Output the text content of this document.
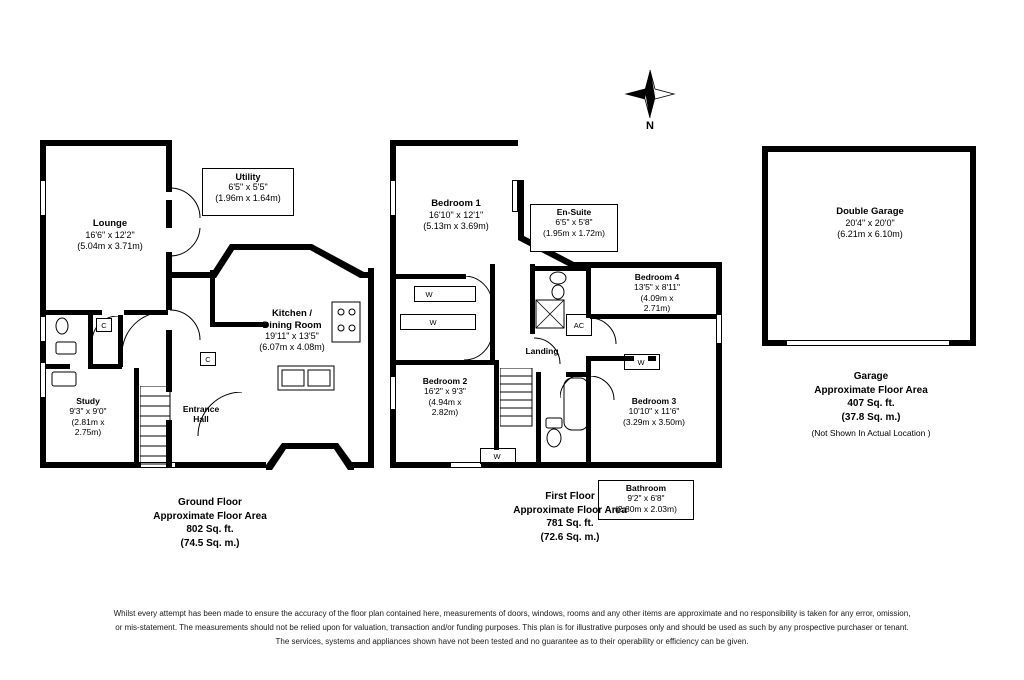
N
Utility
6'5" x 5'5"
(1.96m x 1.64m)
Lounge
16'6" x 12'2"
(5.04m x 3.71m)
Kitchen /
Dining Room
19'11" x 13'5"
(6.07m x 4.08m)
Study
9'3" x 9'0"
(2.81m x
2.75m)
Entrance
Hall
C
C
Ground Floor
Approximate Floor Area
802 Sq. ft.
(74.5 Sq. m.)
W
W
W
W
AC
Bedroom 1
16'10" x 12'1"
(5.13m x 3.69m)
En-Suite
6'5" x 5'8"
(1.95m x 1.72m)
Bedroom 4
13'5" x 8'11"
(4.09m x
2.71m)
Landing
Bedroom 2
16'2" x 9'3"
(4.94m x
2.82m)
Bedroom 3
10'10" x 11'6"
(3.29m x 3.50m)
Bathroom
9'2" x 6'8"
(2.80m x 2.03m)
First Floor
Approximate Floor Area
781 Sq. ft.
(72.6 Sq. m.)
Double Garage
20'4" x 20'0"
(6.21m x 6.10m)
Garage
Approximate Floor Area
407 Sq. ft.
(37.8 Sq. m.)
(Not Shown In Actual Location )
Whilst every attempt has been made to ensure the accuracy of the floor plan contained here, measurements of doors, windows, rooms and any other items are approximate and no responsibility is taken for any error, omission,
or mis-statement. The measurements should not be relied upon for valuation, transaction and/or funding purposes. This plan is for illustrative purposes only and should be used as such by any prospective purchaser or tenant.
The services, systems and appliances shown have not been tested and no guarantee as to their operability or efficiency can be given.
